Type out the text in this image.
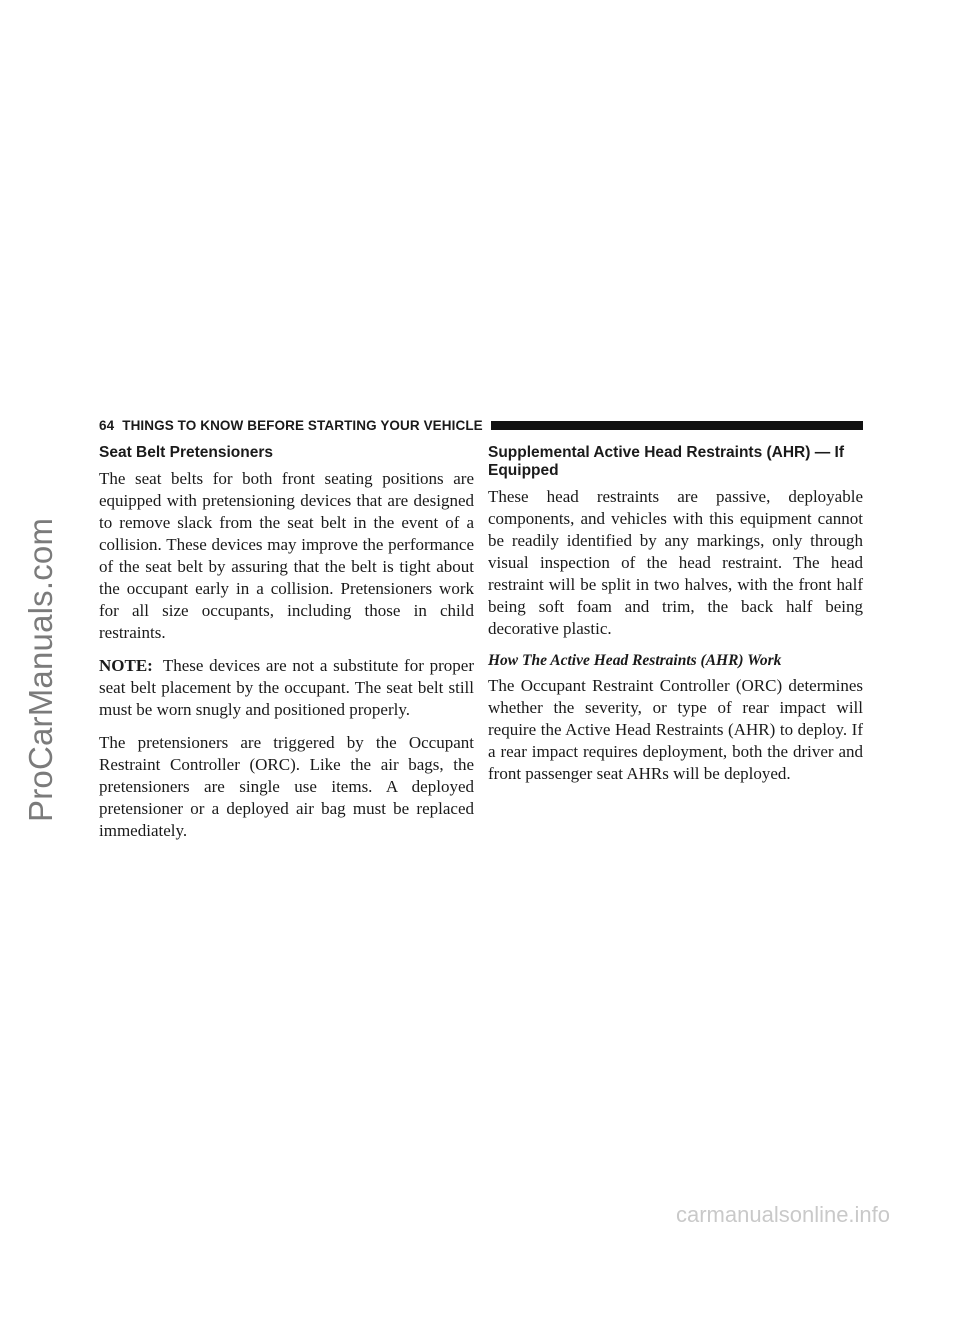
ProCarManuals.com
64 THINGS TO KNOW BEFORE STARTING YOUR VEHICLE
Seat Belt Pretensioners

The seat belts for both front seating positions are equipped with pretensioning devices that are designed to remove slack from the seat belt in the event of a collision. These devices may improve the performance of the seat belt by assuring that the belt is tight about the occupant early in a collision. Pretensioners work for all size occupants, including those in child restraints.

NOTE: These devices are not a substitute for proper seat belt placement by the occupant. The seat belt still must be worn snugly and positioned properly.

The pretensioners are triggered by the Occupant Restraint Controller (ORC). Like the air bags, the pretensioners are single use items. A deployed pretensioner or a deployed air bag must be replaced immediately.

Supplemental Active Head Restraints (AHR) — If Equipped

These head restraints are passive, deployable components, and vehicles with this equipment cannot be readily identified by any markings, only through visual inspection of the head restraint. The head restraint will be split in two halves, with the front half being soft foam and trim, the back half being decorative plastic.

How The Active Head Restraints (AHR) Work

The Occupant Restraint Controller (ORC) determines whether the severity, or type of rear impact will require the Active Head Restraints (AHR) to deploy. If a rear impact requires deployment, both the driver and front passenger seat AHRs will be deployed.

carmanualsonline.info
